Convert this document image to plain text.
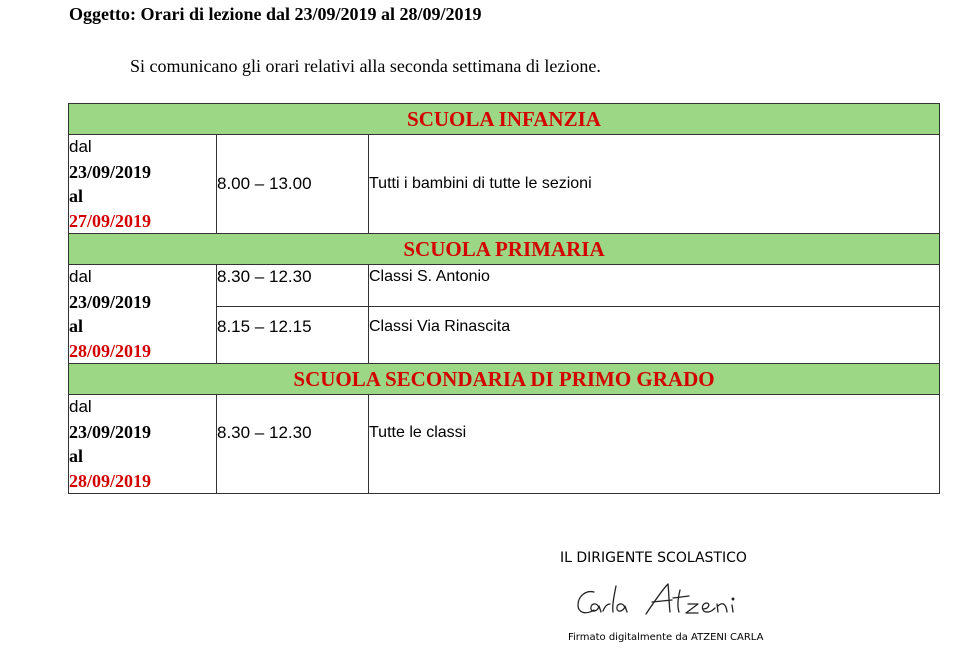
Oggetto: Orari di lezione dal 23/09/2019 al 28/09/2019
Si comunicano gli orari relativi alla seconda settimana di lezione.
SCUOLA INFANZIA		

dal
23/09/2019
al
27/09/2019	8.00 – 13.00	Tutti i bambini di tutte le sezioni
SCUOLA PRIMARIA		

dal
23/09/2019
al
28/09/2019	8.30 – 12.30	Classi S. Antonio
	8.15 – 12.15	Classi Via Rinascita
SCUOLA SECONDARIA DI PRIMO GRADO		

dal
23/09/2019
al
28/09/2019	8.30 – 12.30	Tutte le classi
IL DIRIGENTE SCOLASTICO
Firmato digitalmente da ATZENI CARLA
